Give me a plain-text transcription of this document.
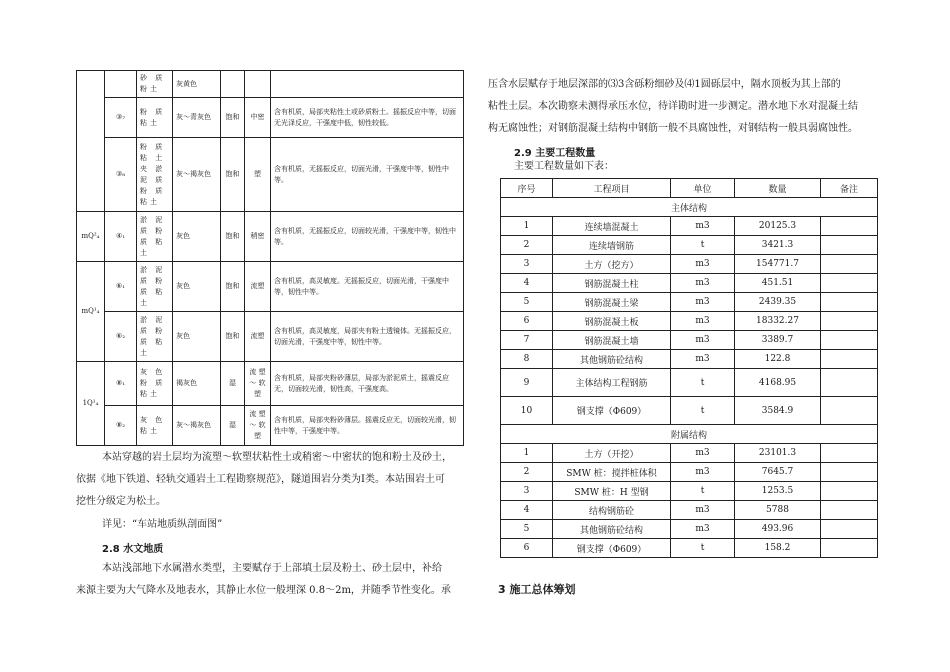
		砂 质 粉土	灰黄色			
	③₇	粉 质 粘土	灰～青灰色	饱和	中密	含有机质，局部夹粘性土或砂质粉土。摇振反应中等，切面无光泽反应，干强度中低，韧性较低。
	③₈	粉 质 粘 土 夹 淤 泥 质 粉 质 粘土	灰～褐灰色	饱和	塑	含有机质，无摇振反应，切面光滑，干强度中等，韧性中等。
mQ²₄	④₁	淤 泥 质 粉 质 粘 土	灰色	饱和	稍密	含有机质，无摇振反应，切面较光滑，干强度中等，韧性中等。
mQ¹₄	⑥₁	淤 泥 质 粉 质 粘 土	灰色	饱和	流塑	含有机质，高灵敏度。无摇振反应，切面光滑，干强度中等，韧性中等。
	⑥₂	淤 泥 质 粉 质 粘 土	灰色	饱和	流塑	含有机质，高灵敏度，局部夹有粉土透镜体。无摇振反应，切面光滑，干强度中等，韧性中等。
1Q¹₄	⑧₁	灰 色 粉 质 粘土	褐灰色	湿	流 塑 ～ 软 塑	含有机质，局部夹粉砂薄层，局部为淤泥质土，摇震反应无，切面较光滑，韧性高，干强度高。
	⑧₂	灰 色 粘土	灰～褐灰色	湿	流 塑 ～ 软 塑	含有机质，局部夹粉砂薄层。摇震反应无，切面较光滑，韧性中等，干强度中等。
本站穿越的岩土层均为流塑～软塑状粘性土或稍密～中密状的饱和粉土及砂土，
依据《地下铁道、轻轨交通岩土工程勘察规范》，隧道围岩分类为Ⅰ类。本站围岩土可
挖性分级定为松土。
详见：“车站地质纵剖面图”
2.8 水文地质
本站浅部地下水属潜水类型，主要赋存于上部填土层及粉土、砂土层中，补给
来源主要为大气降水及地表水，其静止水位一般埋深 0.8～2m，并随季节性变化。承
压含水层赋存于地层深部的⑶3含砾粉细砂及⑷1圆砾层中，隔水顶板为其上部的
粘性土层。本次勘察未测得承压水位，待详勘时进一步测定。潜水地下水对混凝土结
构无腐蚀性；对钢筋混凝土结构中钢筋一般不具腐蚀性，对钢结构一般具弱腐蚀性。
2.9 主要工程数量
主要工程数量如下表：
序号	工程项目	单位	数量	备注
主体结构				
1	连续墙混凝土	m3	20125.3	
2	连续墙钢筋	t	3421.3	
3	土方（挖方）	m3	154771.7	
4	钢筋混凝土柱	m3	451.51	
5	钢筋混凝土梁	m3	2439.35	
6	钢筋混凝土板	m3	18332.27	
7	钢筋混凝土墙	m3	3389.7	
8	其他钢筋砼结构	m3	122.8	
9	主体结构工程钢筋	t	4168.95	
10	钢支撑（Φ609）	t	3584.9	
附属结构				
1	土方（开挖）	m3	23101.3	
2	SMW 桩：搅拌桩体积	m3	7645.7	
3	SMW 桩：H 型钢	t	1253.5	
4	结构钢筋砼	m3	5788	
5	其他钢筋砼结构	m3	493.96	
6	钢支撑（Φ609）	t	158.2	
3 施工总体筹划
